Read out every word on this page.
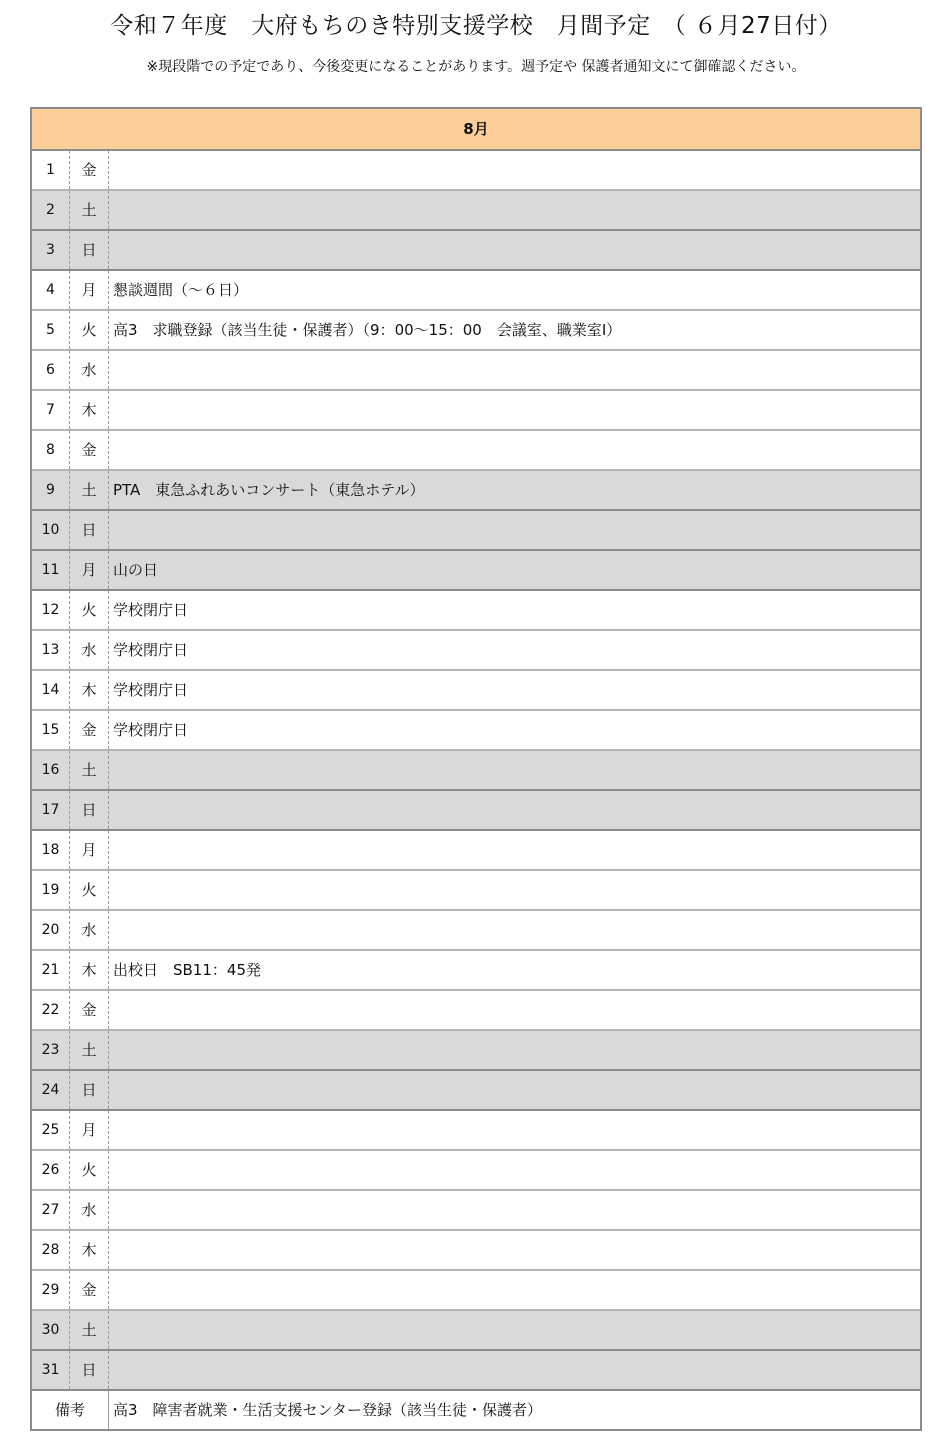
令和７年度　大府もちのき特別支援学校　月間予定　（ ６月27日付）
※現段階での予定であり、今後変更になることがあります。週予定や 保護者通知文にて御確認ください。
8月
1	金
2	土
3	日
4	月	懇談週間（～６日）
5	火	高3　求職登録（該当生徒・保護者）（9：00～15：00　会議室、職業室Ⅰ）
6	水
7	木
8	金
9	土	PTA　東急ふれあいコンサート（東急ホテル）
10	日
11	月	山の日
12	火	学校閉庁日
13	水	学校閉庁日
14	木	学校閉庁日
15	金	学校閉庁日
16	土
17	日
18	月
19	火
20	水
21	木	出校日　SB11：45発
22	金
23	土
24	日
25	月
26	火
27	水
28	木
29	金
30	土
31	日
備考	高3　障害者就業・生活支援センター登録（該当生徒・保護者）
